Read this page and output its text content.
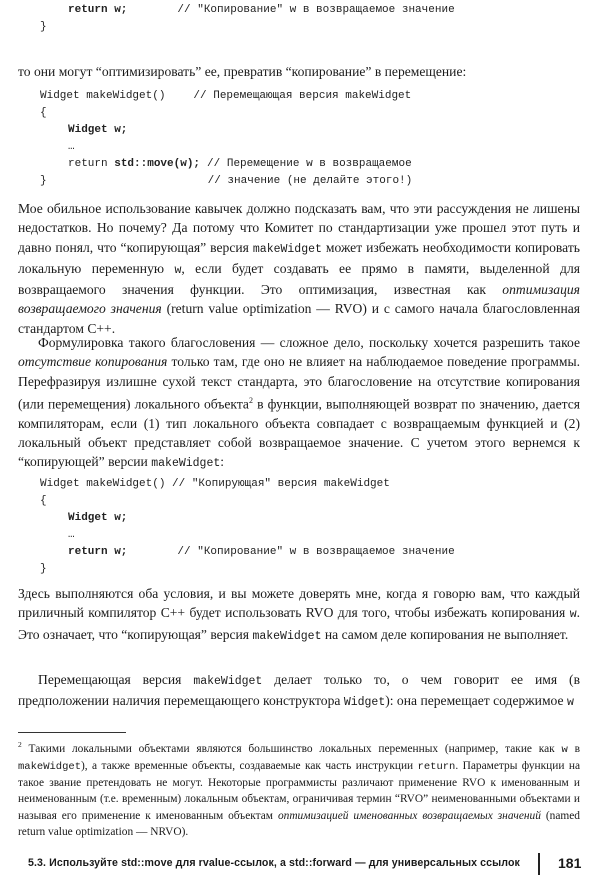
return w;	// "Копирование" w в возвращаемое значение
}

то они могут “оптимизировать” ее, превратив “копирование” в перемещение:

Widget makeWidget()	// Перемещающая версия makeWidget
{
Widget w;
…
return std::move(w); // Перемещение w в возвращаемое
}	// значение (не делайте этого!)

Мое обильное использование кавычек должно подсказать вам, что эти рассуждения не лишены недостатков. Но почему? Да потому что Комитет по стандартизации уже прошел этот путь и давно понял, что “копирующая” версия makeWidget может избежать необходимости копировать локальную переменную w, если будет создавать ее прямо в памяти, выделенной для возвращаемого значения функции. Это оптимизация, известная как оптимизация возвращаемого значения (return value optimization — RVO) и с самого начала благословленная стандартом C++.

Формулировка такого благословения — сложное дело, поскольку хочется разрешить такое отсутствие копирования только там, где оно не влияет на наблюдаемое поведение программы. Перефразируя излишне сухой текст стандарта, это благословение на отсутствие копирования (или перемещения) локального объекта$^2$ в функции, выполняющей возврат по значению, дается компиляторам, если (1) тип локального объекта совпадает с возвращаемым функцией и (2) локальный объект представляет собой возвращаемое значение. С учетом этого вернемся к “копирующей” версии makeWidget:

Widget makeWidget() // "Копирующая" версия makeWidget
{
Widget w;
…
return w;	// "Копирование" w в возвращаемое значение
}

Здесь выполняются оба условия, и вы можете доверять мне, когда я говорю вам, что каждый приличный компилятор C++ будет использовать RVO для того, чтобы избежать копирования w. Это означает, что “копирующая” версия makeWidget на самом деле копирования не выполняет.

Перемещающая версия makeWidget делает только то, о чем говорит ее имя (в предположении наличия перемещающего конструктора Widget): она перемещает содержимое w

$^2$ Такими локальными объектами являются большинство локальных переменных (например, такие как w в makeWidget), а также временные объекты, создаваемые как часть инструкции return. Параметры функции на такое звание претендовать не могут. Некоторые программисты различают применение RVO к именованным и неименованным (т.е. временным) локальным объектам, ограничивая термин “RVO” неименованными объектами и называя его применение к именованным объектам оптимизацией именованных возвращаемых значений (named return value optimization — NRVO).
5.3. Используйте std::move для rvalue-ссылок, а std::forward — для универсальных ссылок	181
